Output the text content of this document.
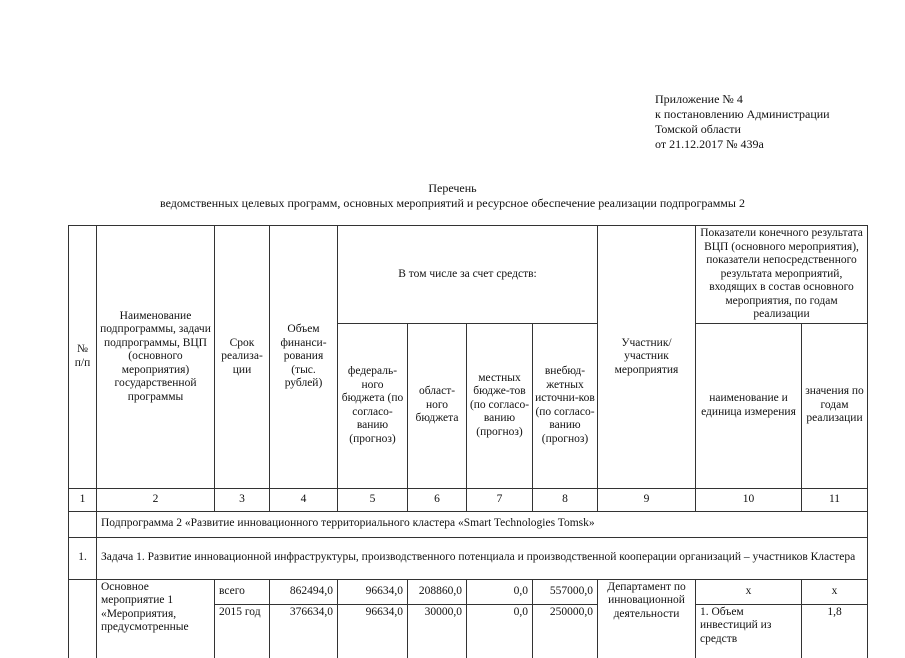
Приложение № 4
к постановлению Администрации
Томской области
от 21.12.2017 № 439а
Перечень
ведомственных целевых программ, основных мероприятий и ресурсное обеспечение реализации подпрограммы 2
№ п/п	Наименование подпрограммы, задачи подпрограммы, ВЦП (основного мероприятия) государственной программы	Срок реализа-ции	Объем финанси-рования (тыс. рублей)	В том числе за счет средств:				Участник/ участник мероприятия	Показатели конечного результата ВЦП (основного мероприятия), показатели непосредственного результата мероприятий, входящих в состав основного мероприятия, по годам реализации	
				федераль-ного бюджета (по согласо-ванию (прогноз)	област-ного бюджета	местных бюдже-тов (по согласо-ванию (прогноз)	внебюд-жетных источни-ков (по согласо-ванию (прогноз)		наименование и единица измерения	значения по годам реализации
1	2	3	4	5	6	7	8	9	10	11
	Подпрограмма 2 «Развитие инновационного территориального кластера «Smart Technologies Tomsk»									
1.	Задача 1. Развитие инновационной инфраструктуры, производственного потенциала и производственной кооперации организаций – участников Кластера									
	Основное мероприятие 1 «Мероприятия, предусмотренные	всего	862494,0	96634,0	208860,0	0,0	557000,0	Департамент по инновационной деятельности	х	х
		2015 год	376634,0	96634,0	30000,0	0,0	250000,0		1. Объем инвестиций из средств	1,8
